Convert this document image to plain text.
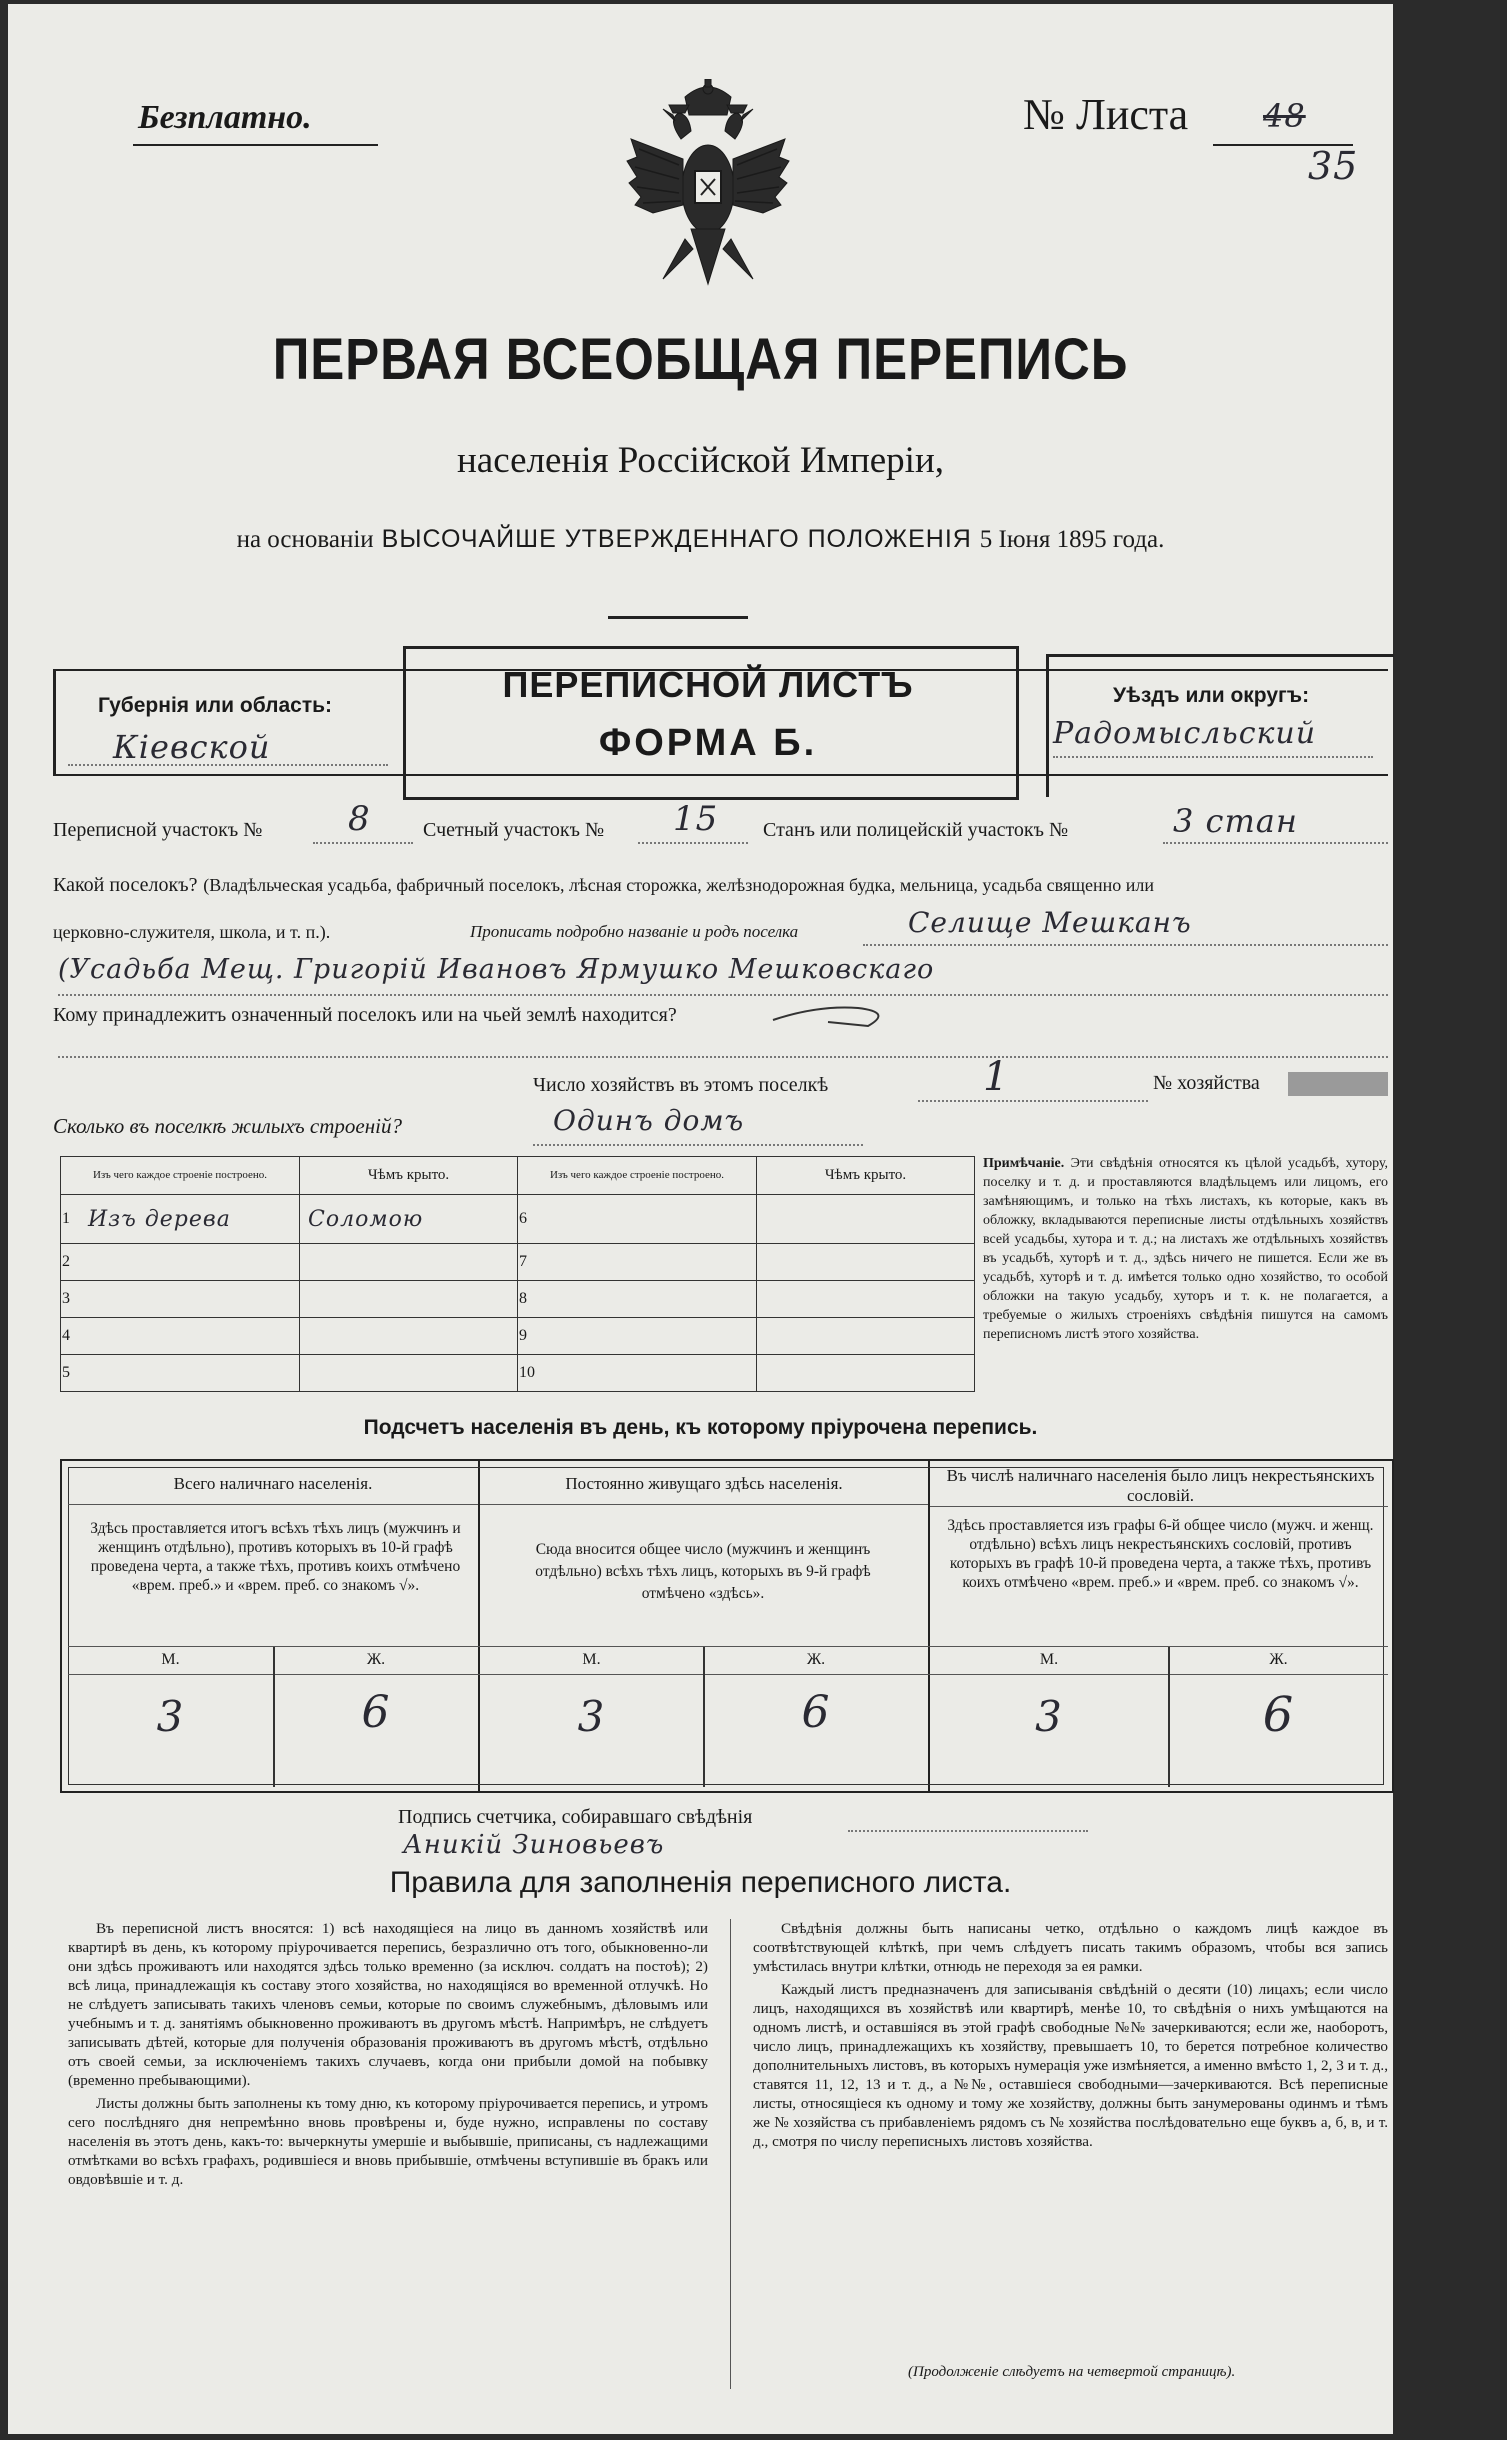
Безплатно.	№ Листа 48
35
ПЕРВАЯ ВСЕОБЩАЯ ПЕРЕПИСЬ
населенія Россійской Имперіи,
на основаніи ВЫСОЧАЙШЕ УТВЕРЖДЕННАГО ПОЛОЖЕНІЯ 5 Іюня 1895 года.
ПЕРЕПИСНОЙ ЛИСТЪ
ФОРМА Б.
Губернія или область:
Кіевской
Уѣздъ или округъ:
Радомысльский
Переписной участокъ №	8	Счетный участокъ № 15 Станъ или полицейскій участокъ №	3 стан
Какой поселокъ? (Владѣльческая усадьба, фабричный поселокъ, лѣсная сторожка, желѣзнодорожная будка, мельница, усадьба священно или
церковно-служителя, школа, и т. п.).	Прописать подробно названіе и родъ поселка	Селище Мешканъ
(Усадьба Мещ. Григорій Ивановъ Ярмушко Мешковскаго
Кому принадлежитъ означенный поселокъ или на чьей землѣ находится?
Число хозяйствъ въ этомъ поселкѣ	1	№ хозяйства
Сколько въ поселкѣ жилыхъ строеній?	Одинъ домъ
Изъ чего каждое строеніе построено.		Чѣмъ крыто.	Изъ чего каждое строеніе построено.		Чѣмъ крыто.
1	Изъ дерева	Соломою	6		
2			7		
3			8		
4			9		
5			10		
Примѣчаніе. Эти свѣдѣнія относятся къ цѣлой усадьбѣ, хутору, поселку и т. д. и проставляются владѣльцемъ или лицомъ, его замѣняющимъ, и только на тѣхъ листахъ, къ которые, какъ въ обложку, вкладываются переписные листы отдѣльныхъ хозяйствъ всей усадьбы, хутора и т. д.; на листахъ же отдѣльныхъ хозяйствъ въ усадьбѣ, хуторѣ и т. д., здѣсь ничего не пишется. Если же въ усадьбѣ, хуторѣ и т. д. имѣется только одно хозяйство, то особой обложки на такую усадьбу, хуторъ и т. к. не полагается, а требуемые о жилыхъ строеніяхъ свѣдѣнія пишутся на самомъ переписномъ листѣ этого хозяйства.
Подсчетъ населенія въ день, къ которому пріурочена перепись.
Всего наличнаго населенія.
Здѣсь проставляется итогъ всѣхъ тѣхъ лицъ (мужчинъ и женщинъ отдѣльно), противъ которыхъ въ 10-й графѣ проведена черта, а также тѣхъ, противъ коихъ отмѣчено «врем. преб.» и «врем. преб. со знакомъ √».
Постоянно живущаго здѣсь населенія.
Сюда вносится общее число (мужчинъ и женщинъ отдѣльно) всѣхъ тѣхъ лицъ, которыхъ въ 9-й графѣ отмѣчено «здѣсь».
Въ числѣ наличнаго населенія было лицъ некрестьянскихъ сословій.
Здѣсь проставляется изъ графы 6-й общее число (мужч. и женщ. отдѣльно) всѣхъ лицъ некрестьянскихъ сословій, противъ которыхъ въ графѣ 10-й проведена черта, а также тѣхъ, противъ коихъ отмѣчено «врем. преб.» и «врем. преб. со знакомъ √».
М.	Ж.	М.	Ж.	М.	Ж.
3	6	3	6	3	6
Подпись счетчика, собиравшаго свѣдѣнія
Аникій Зиновьевъ
Правила для заполненія переписного листа.

Въ переписной листъ вносятся: 1) всѣ находящіеся на лицо въ данномъ хозяйствѣ или квартирѣ въ день, къ которому пріурочивается перепись, безразлично отъ того, обыкновенно-ли они здѣсь проживаютъ или находятся здѣсь только временно (за исключ. солдатъ на постоѣ); 2) всѣ лица, принадлежащія къ составу этого хозяйства, но находящіяся во временной отлучкѣ. Но не слѣдуетъ записывать такихъ членовъ семьи, которые по своимъ служебнымъ, дѣловымъ или учебнымъ и т. д. занятіямъ обыкновенно проживаютъ въ другомъ мѣстѣ. Напримѣръ, не слѣдуетъ записывать дѣтей, которые для полученія образованія проживаютъ въ другомъ мѣстѣ, отдѣльно отъ своей семьи, за исключеніемъ такихъ случаевъ, когда они прибыли домой на побывку (временно пребывающими).

Листы должны быть заполнены къ тому дню, къ которому пріурочивается перепись, и утромъ сего послѣдняго дня непремѣнно вновь провѣрены и, буде нужно, исправлены по составу населенія въ этотъ день, какъ-то: вычеркнуты умершіе и выбывшіе, приписаны, съ надлежащими отмѣтками во всѣхъ графахъ, родившіеся и вновь прибывшіе, отмѣчены вступившіе въ бракъ или овдовѣвшіе и т. д.

Свѣдѣнія должны быть написаны четко, отдѣльно о каждомъ лицѣ каждое въ соотвѣтствующей клѣткѣ, при чемъ слѣдуетъ писать такимъ образомъ, чтобы вся запись умѣстилась внутри клѣтки, отнюдь не переходя за ея рамки.

Каждый листъ предназначенъ для записыванія свѣдѣній о десяти (10) лицахъ; если число лицъ, находящихся въ хозяйствѣ или квартирѣ, менѣе 10, то свѣдѣнія о нихъ умѣщаются на одномъ листѣ, и оставшіяся въ этой графѣ свободные №№ зачеркиваются; если же, наоборотъ, число лицъ, принадлежащихъ къ хозяйству, превышаетъ 10, то берется потребное количество дополнительныхъ листовъ, въ которыхъ нумерація уже измѣняется, а именно вмѣсто 1, 2, 3 и т. д., ставятся 11, 12, 13 и т. д., а №№, оставшіеся свободными—зачеркиваются. Всѣ переписные листы, относящіеся къ одному и тому же хозяйству, должны быть занумерованы одинмъ и тѣмъ же № хозяйства съ прибавленіемъ рядомъ съ № хозяйства послѣдовательно еще буквъ а, б, в, и т. д., смотря по числу переписныхъ листовъ хозяйства.

(Продолженіе слѣдуетъ на четвертой страницѣ).
